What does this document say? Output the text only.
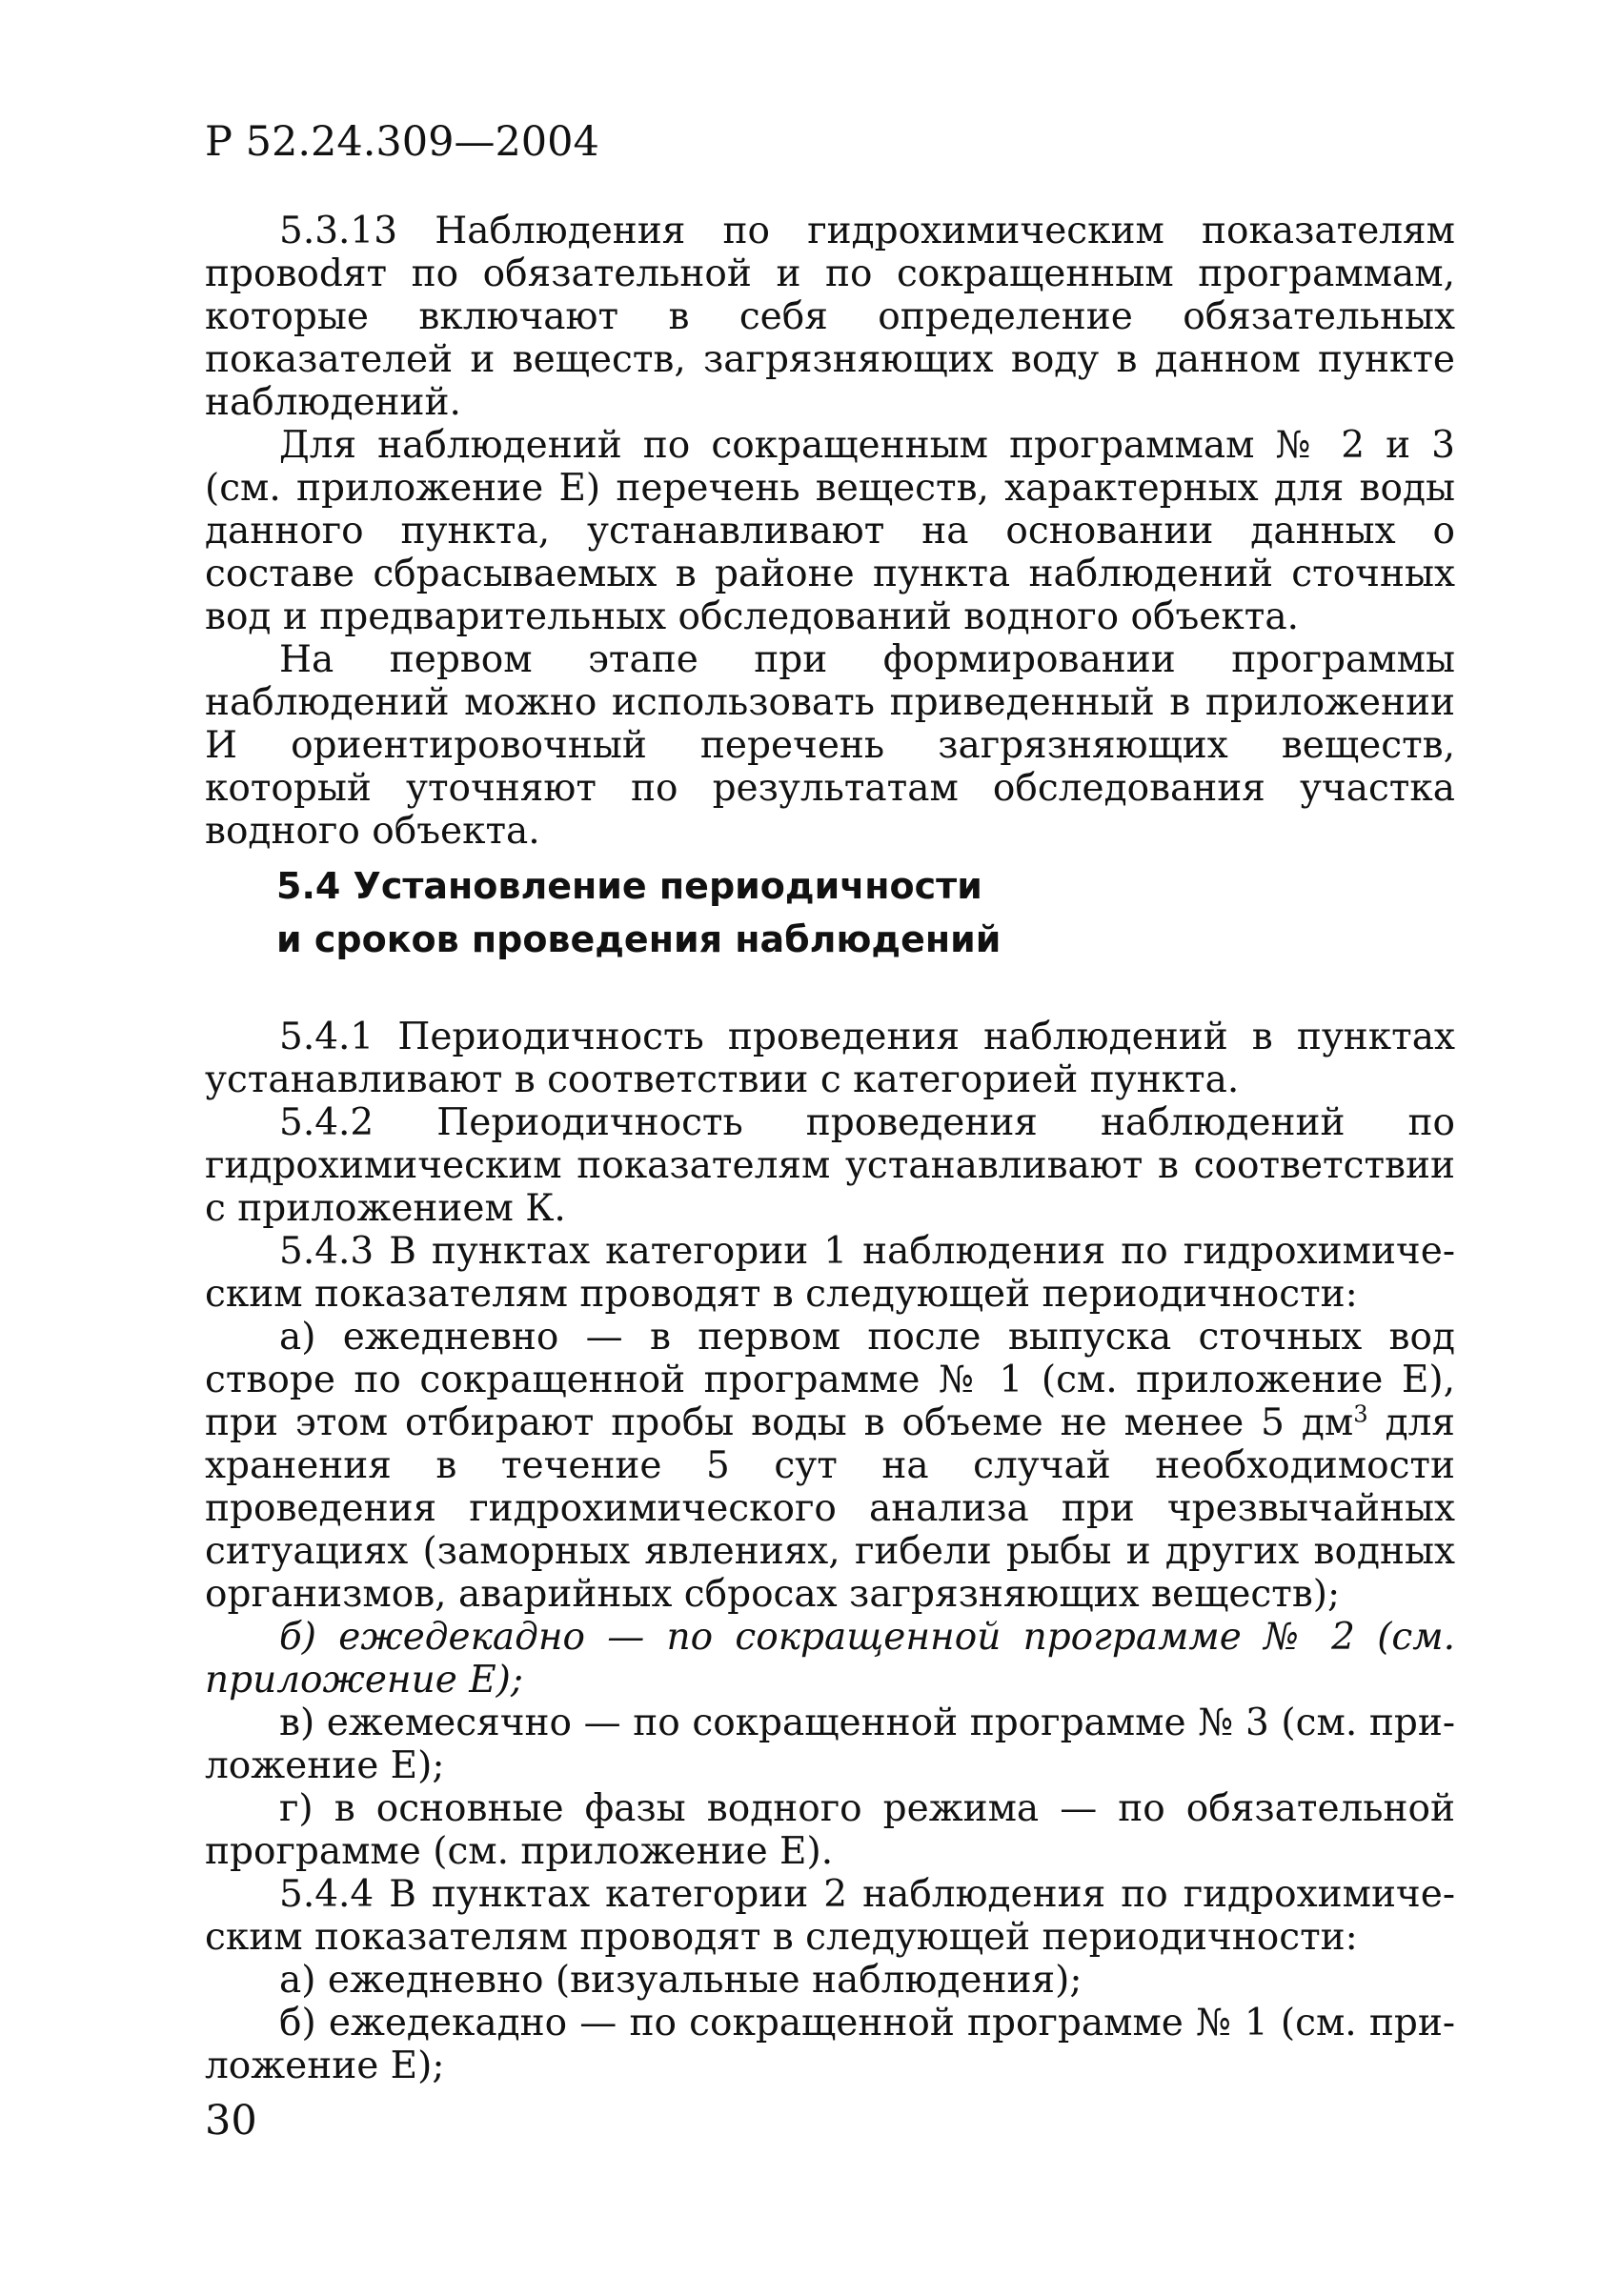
Р 52.24.309—2004

5.3.13 Наблюдения по гидрохимическим показателям провоdят по обязательной и по сокращенным программам, которые включают в себя определение обязательных показателей и веществ, загрязняющих воду в данном пункте наблюдений.

Для наблюдений по сокращенным программам № 2 и 3 (см. приложение Е) перечень веществ, характерных для воды данного пункта, устанавливают на основании данных о составе сбрасываемых в районе пункта наблюдений сточных вод и предварительных обследований водного объекта.

На первом этапе при формировании программы наблюдений можно использовать приведенный в приложении И ориентировочный перечень загрязняющих веществ, который уточняют по результатам обследования участка водного объекта.

5.4 Установление периодичности
и сроков проведения наблюдений

5.4.1 Периодичность проведения наблюдений в пунктах устанавливают в соответствии с категорией пункта.

5.4.2 Периодичность проведения наблюдений по гидрохимическим показателям устанавливают в соответствии с приложением К.

5.4.3 В пунктах категории 1 наблюдения по гидрохимическим показателям проводят в следующей периодичности:

а) ежедневно — в первом после выпуска сточных вод створе по сокращенной программе № 1 (см. приложение Е), при этом отбирают пробы воды в объеме не менее 5 $дм^3$ для хранения в течение 5 сут на случай необходимости проведения гидрохимического анализа при чрезвычайных ситуациях (заморных явлениях, гибели рыбы и других водных организмов, аварийных сбросах загрязняющих веществ);

б) ежедекадно — по сокращенной программе № 2 (см. приложение Е);

в) ежемесячно — по сокращенной программе № 3 (см. приложение Е);

г) в основные фазы водного режима — по обязательной программе (см. приложение Е).

5.4.4 В пунктах категории 2 наблюдения по гидрохимическим показателям проводят в следующей периодичности:

а) ежедневно (визуальные наблюдения);

б) ежедекадно — по сокращенной программе № 1 (см. приложение Е);

30
